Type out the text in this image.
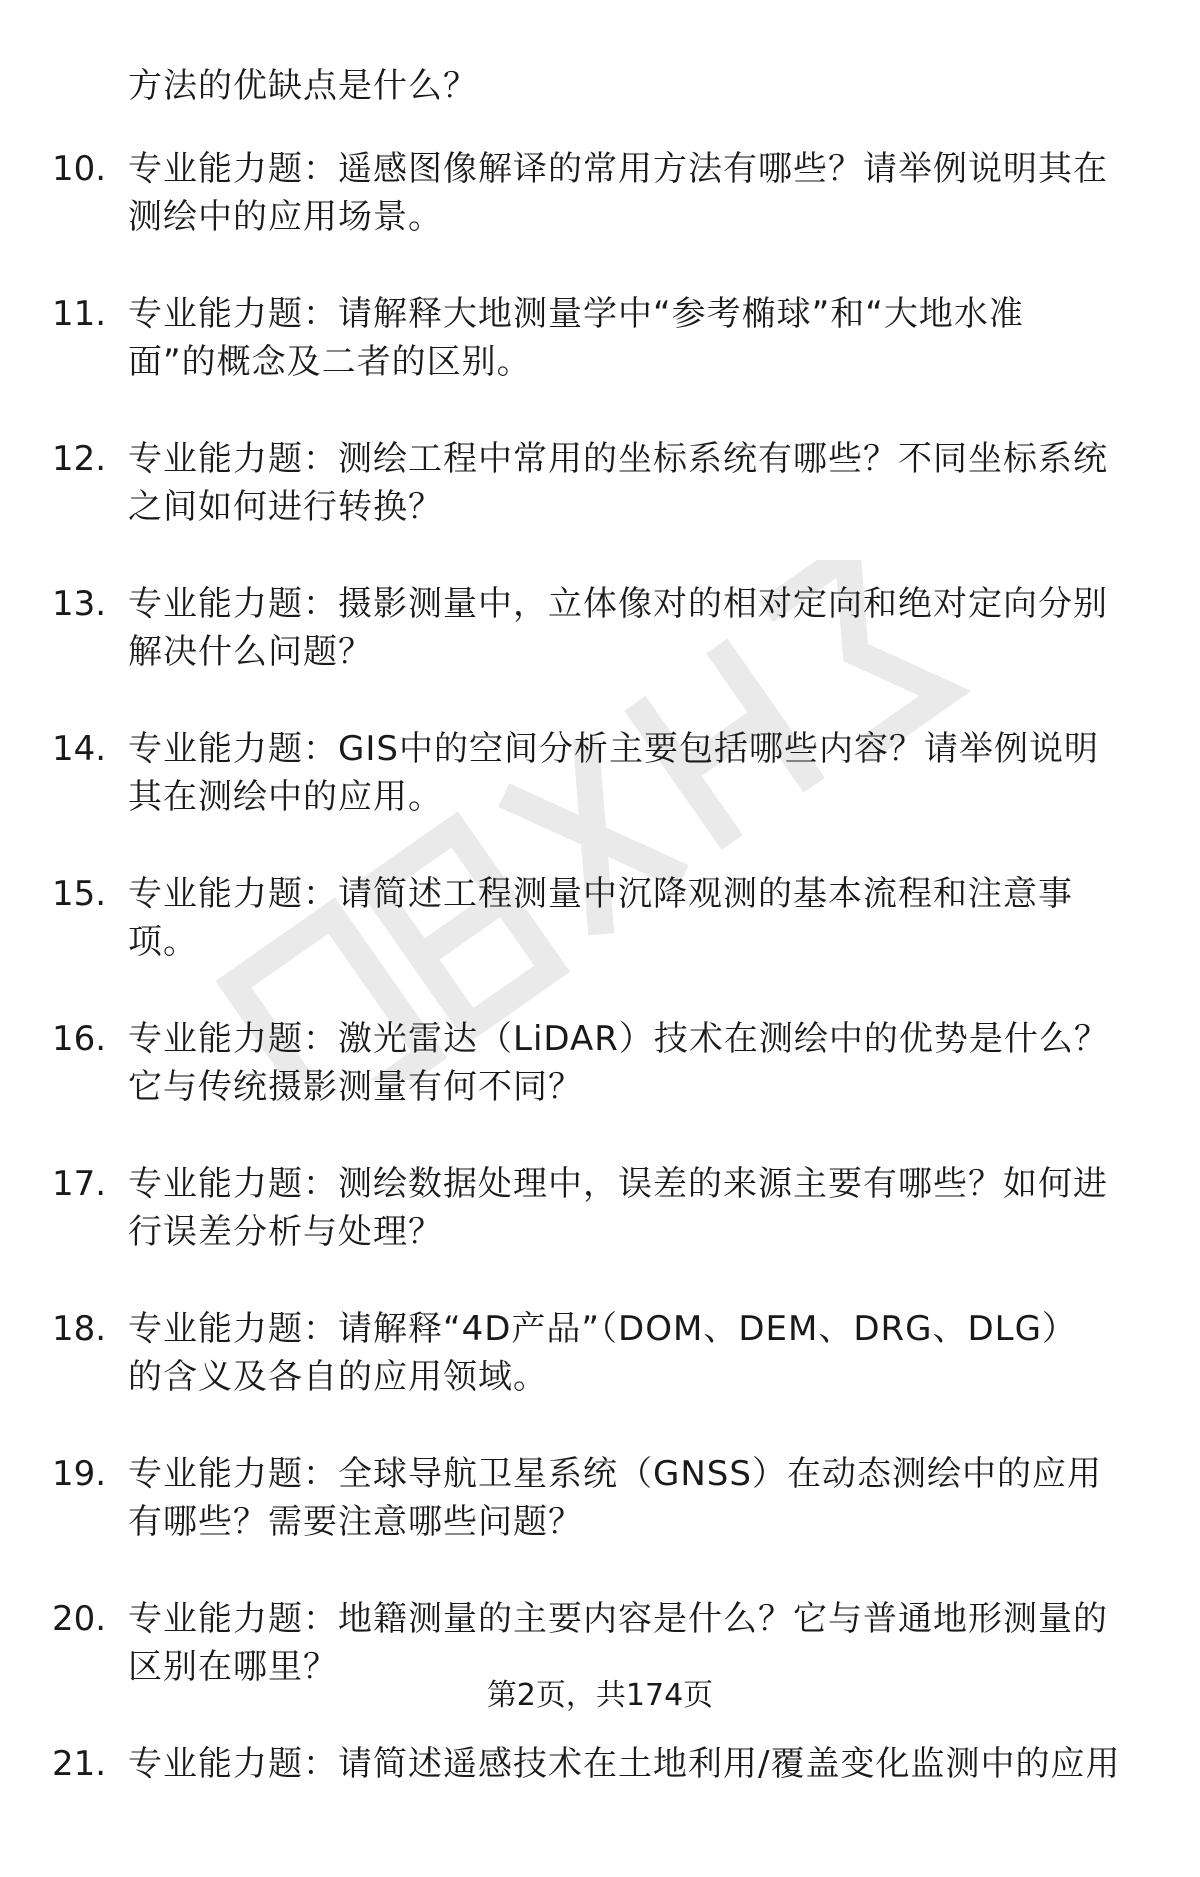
方法的优缺点是什么？
10. 专业能力题：遥感图像解译的常用方法有哪些？请举例说明其在
测绘中的应用场景。
11. 专业能力题：请解释大地测量学中“参考椭球”和“大地水准
面”的概念及二者的区别。
12. 专业能力题：测绘工程中常用的坐标系统有哪些？不同坐标系统
之间如何进行转换？
13. 专业能力题：摄影测量中，立体像对的相对定向和绝对定向分别
解决什么问题？
14. 专业能力题：GIS中的空间分析主要包括哪些内容？请举例说明
其在测绘中的应用。
15. 专业能力题：请简述工程测量中沉降观测的基本流程和注意事
项。
16. 专业能力题：激光雷达（LiDAR）技术在测绘中的优势是什么？
它与传统摄影测量有何不同？
17. 专业能力题：测绘数据处理中，误差的来源主要有哪些？如何进
行误差分析与处理？
18. 专业能力题：请解释“4D产品”（DOM、DEM、DRG、DLG）
的含义及各自的应用领域。
19. 专业能力题：全球导航卫星系统（GNSS）在动态测绘中的应用
有哪些？需要注意哪些问题？
20. 专业能力题：地籍测量的主要内容是什么？它与普通地形测量的
区别在哪里？
21. 专业能力题：请简述遥感技术在土地利用/覆盖变化监测中的应用
第2页，共174页
